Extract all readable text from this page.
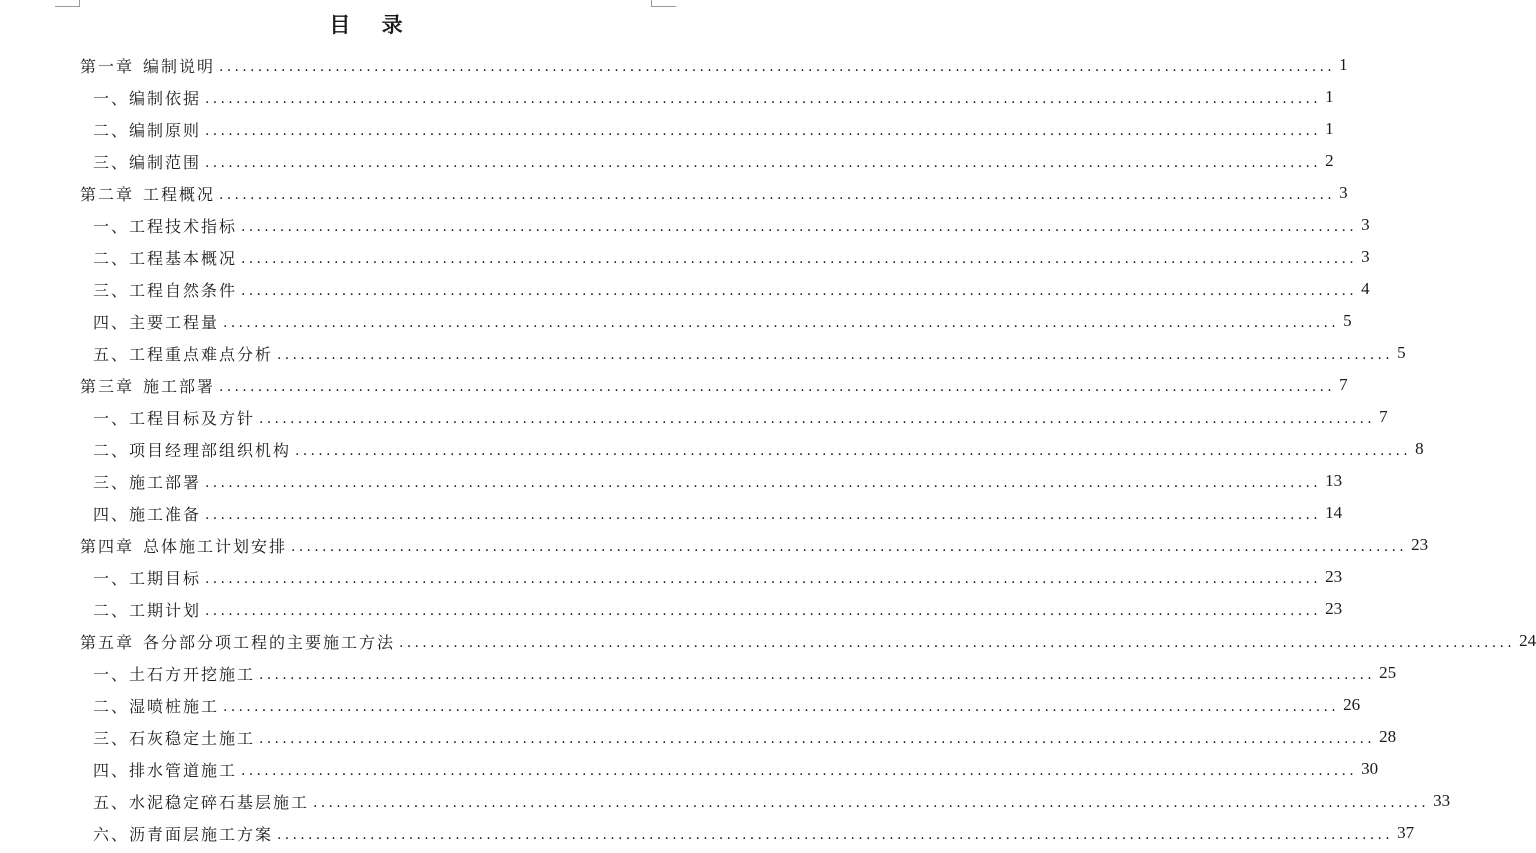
目 录
第一章 编制说明 ................................................................................................................................................ 1
一、 编制依据 ................................................................................................................................................ 1
二、 编制原则 ................................................................................................................................................ 1
三、 编制范围 ................................................................................................................................................ 2
第二章 工程概况 ................................................................................................................................................ 3
一、 工程技术指标 ................................................................................................................................................ 3
二、 工程基本概况 ................................................................................................................................................ 3
三、 工程自然条件 ................................................................................................................................................ 4
四、 主要工程量 ................................................................................................................................................ 5
五、 工程重点难点分析 ................................................................................................................................................ 5
第三章 施工部署 ................................................................................................................................................ 7
一、 工程目标及方针 ................................................................................................................................................ 7
二、 项目经理部组织机构 ................................................................................................................................................ 8
三、 施工部署 ................................................................................................................................................ 13
四、 施工准备 ................................................................................................................................................ 14
第四章 总体施工计划安排 ................................................................................................................................................ 23
一、 工期目标 ................................................................................................................................................ 23
二、 工期计划 ................................................................................................................................................ 23
第五章 各分部分项工程的主要施工方法 ................................................................................................................................................ 24
一、 土石方开挖施工 ................................................................................................................................................ 25
二、 湿喷桩施工 ................................................................................................................................................ 26
三、 石灰稳定土施工 ................................................................................................................................................ 28
四、 排水管道施工 ................................................................................................................................................ 30
五、 水泥稳定碎石基层施工 ................................................................................................................................................ 33
六、 沥青面层施工方案 ................................................................................................................................................ 37
